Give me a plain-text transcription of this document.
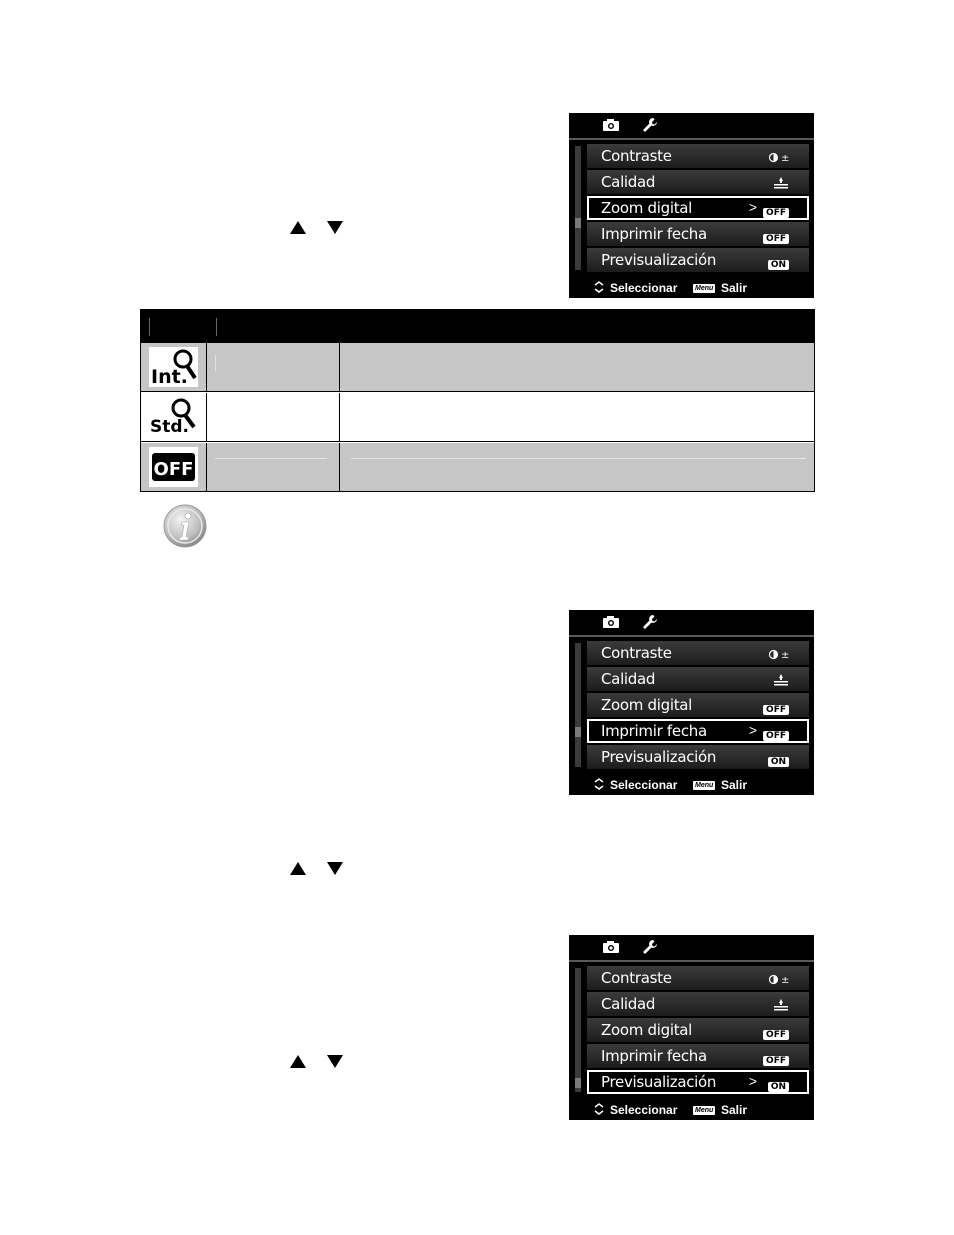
Contraste	±
Calidad
Zoom digital	>	OFF
Imprimir fecha	OFF
Previsualización	ON
Seleccionar	Menu Salir
Int.
Std.
OFF
Contraste	±
Calidad
Zoom digital	OFF
Imprimir fecha	>	OFF
Previsualización	ON
Seleccionar	Menu Salir
Contraste	±
Calidad
Zoom digital	OFF
Imprimir fecha	OFF
Previsualización >	ON
Seleccionar	Menu Salir
